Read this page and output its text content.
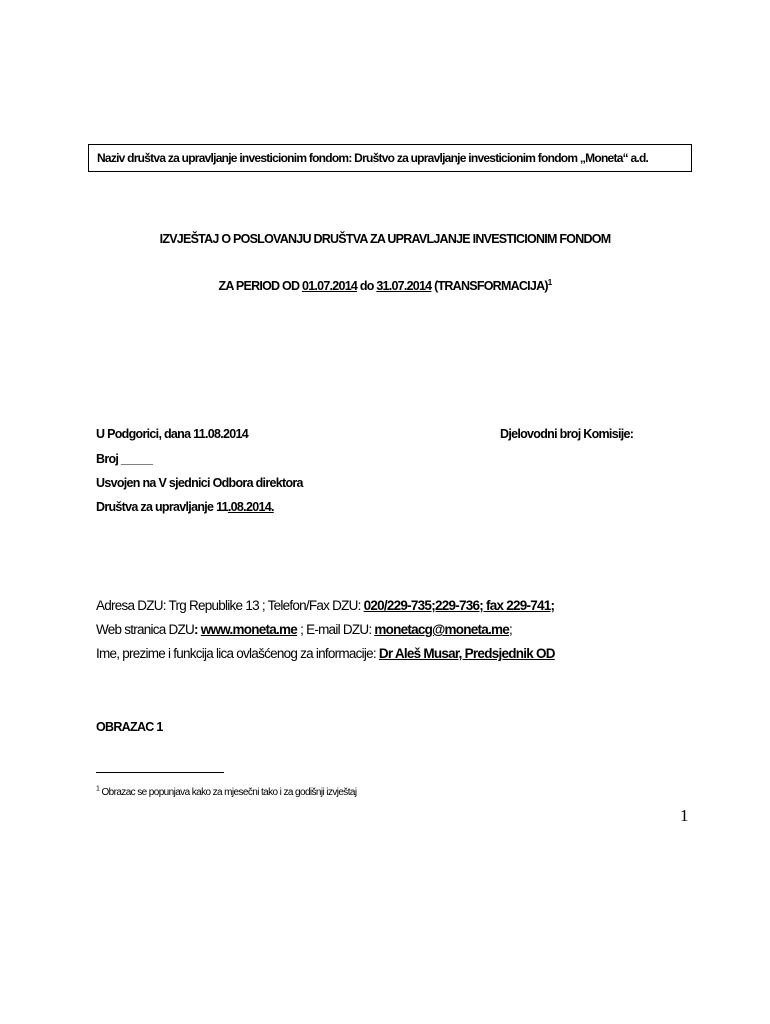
Naziv društva za upravljanje investicionim fondom: Društvo za upravljanje investicionim fondom „Moneta“ a.d.
IZVJEŠTAJ O POSLOVANJU DRUŠTVA ZA UPRAVLJANJE INVESTICIONIM FONDOM
ZA PERIOD OD 01.07.2014 do 31.07.2014 (TRANSFORMACIJA)$^1$
U Podgorici, dana 11.08.2014	Djelovodni broj Komisije:
Broj _____
Usvojen na V sjednici Odbora direktora
Društva za upravljanje 11.08.2014.
Adresa DZU: Trg Republike 13 ; Telefon/Fax DZU: 020/229-735;229-736; fax 229-741;
Web stranica DZU: www.moneta.me ; E-mail DZU: monetacg@moneta.me;
Ime, prezime i funkcija lica ovlašćenog za informacije: Dr Aleš Musar, Predsjednik OD
OBRAZAC 1
$^1$ Obrazac se popunjava kako za mjesečni tako i za godišnji izvještaj
1
